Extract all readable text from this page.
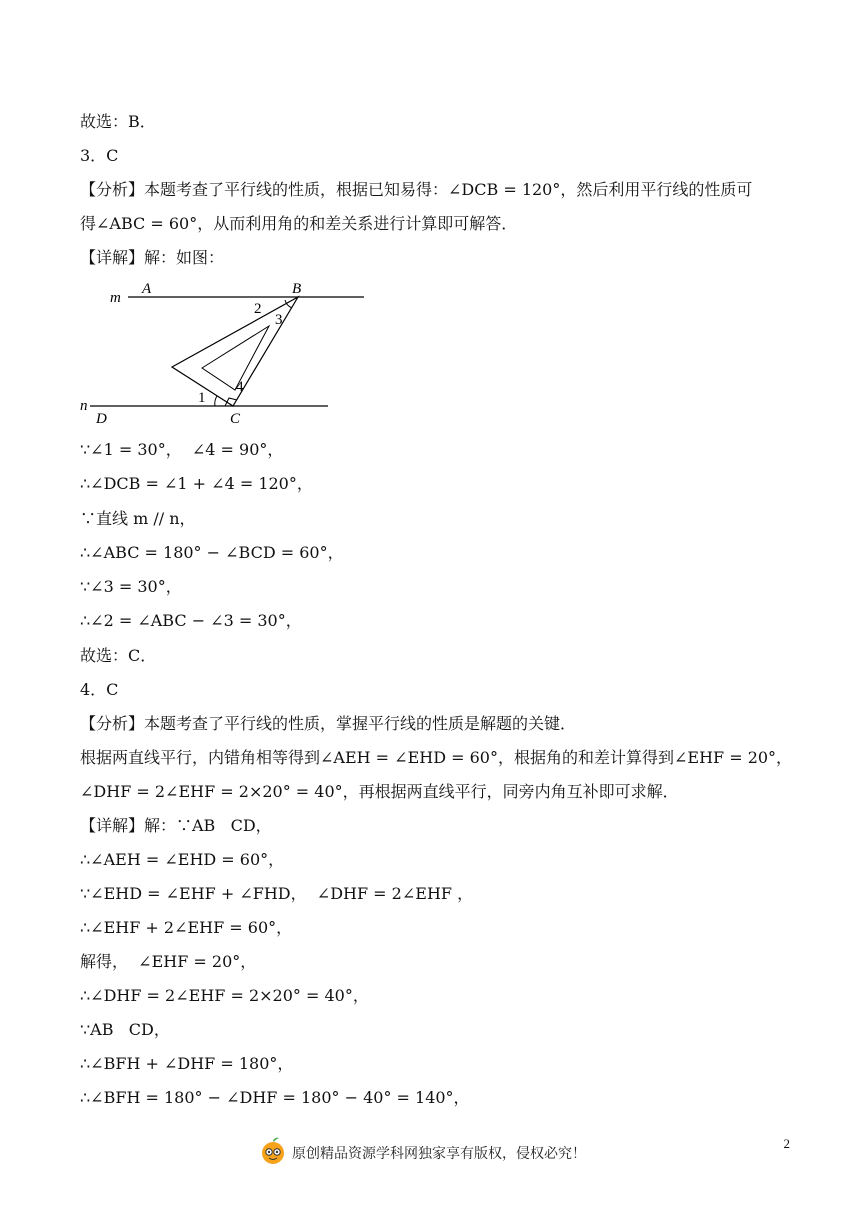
故选：B．
3．C
【分析】本题考查了平行线的性质，根据已知易得：∠DCB = 120°，然后利用平行线的性质可
得∠ABC = 60°，从而利用角的和差关系进行计算即可解答．
【详解】解：如图：
m
A	B
2
3
4
1
n
D	C
∵∠1 = 30°，  ∠4 = 90°，
∴∠DCB = ∠1 + ∠4 = 120°，
∵直线 m // n，
∴∠ABC = 180° − ∠BCD = 60°，
∵∠3 = 30°，
∴∠2 = ∠ABC − ∠3 = 30°，
故选：C．
4．C
【分析】本题考查了平行线的性质，掌握平行线的性质是解题的关键．
根据两直线平行，内错角相等得到∠AEH = ∠EHD = 60°，根据角的和差计算得到∠EHF = 20°，
∠DHF = 2∠EHF = 2×20° = 40°，再根据两直线平行，同旁内角互补即可求解．
【详解】解：∵AB   CD，
∴∠AEH = ∠EHD = 60°，
∵∠EHD = ∠EHF + ∠FHD，  ∠DHF = 2∠EHF ，
∴∠EHF + 2∠EHF = 60°，
解得，  ∠EHF = 20°，
∴∠DHF = 2∠EHF = 2×20° = 40°，
∵AB   CD，
∴∠BFH + ∠DHF = 180°，
∴∠BFH = 180° − ∠DHF = 180° − 40° = 140°，
2
原创精品资源学科网独家享有版权，侵权必究！
